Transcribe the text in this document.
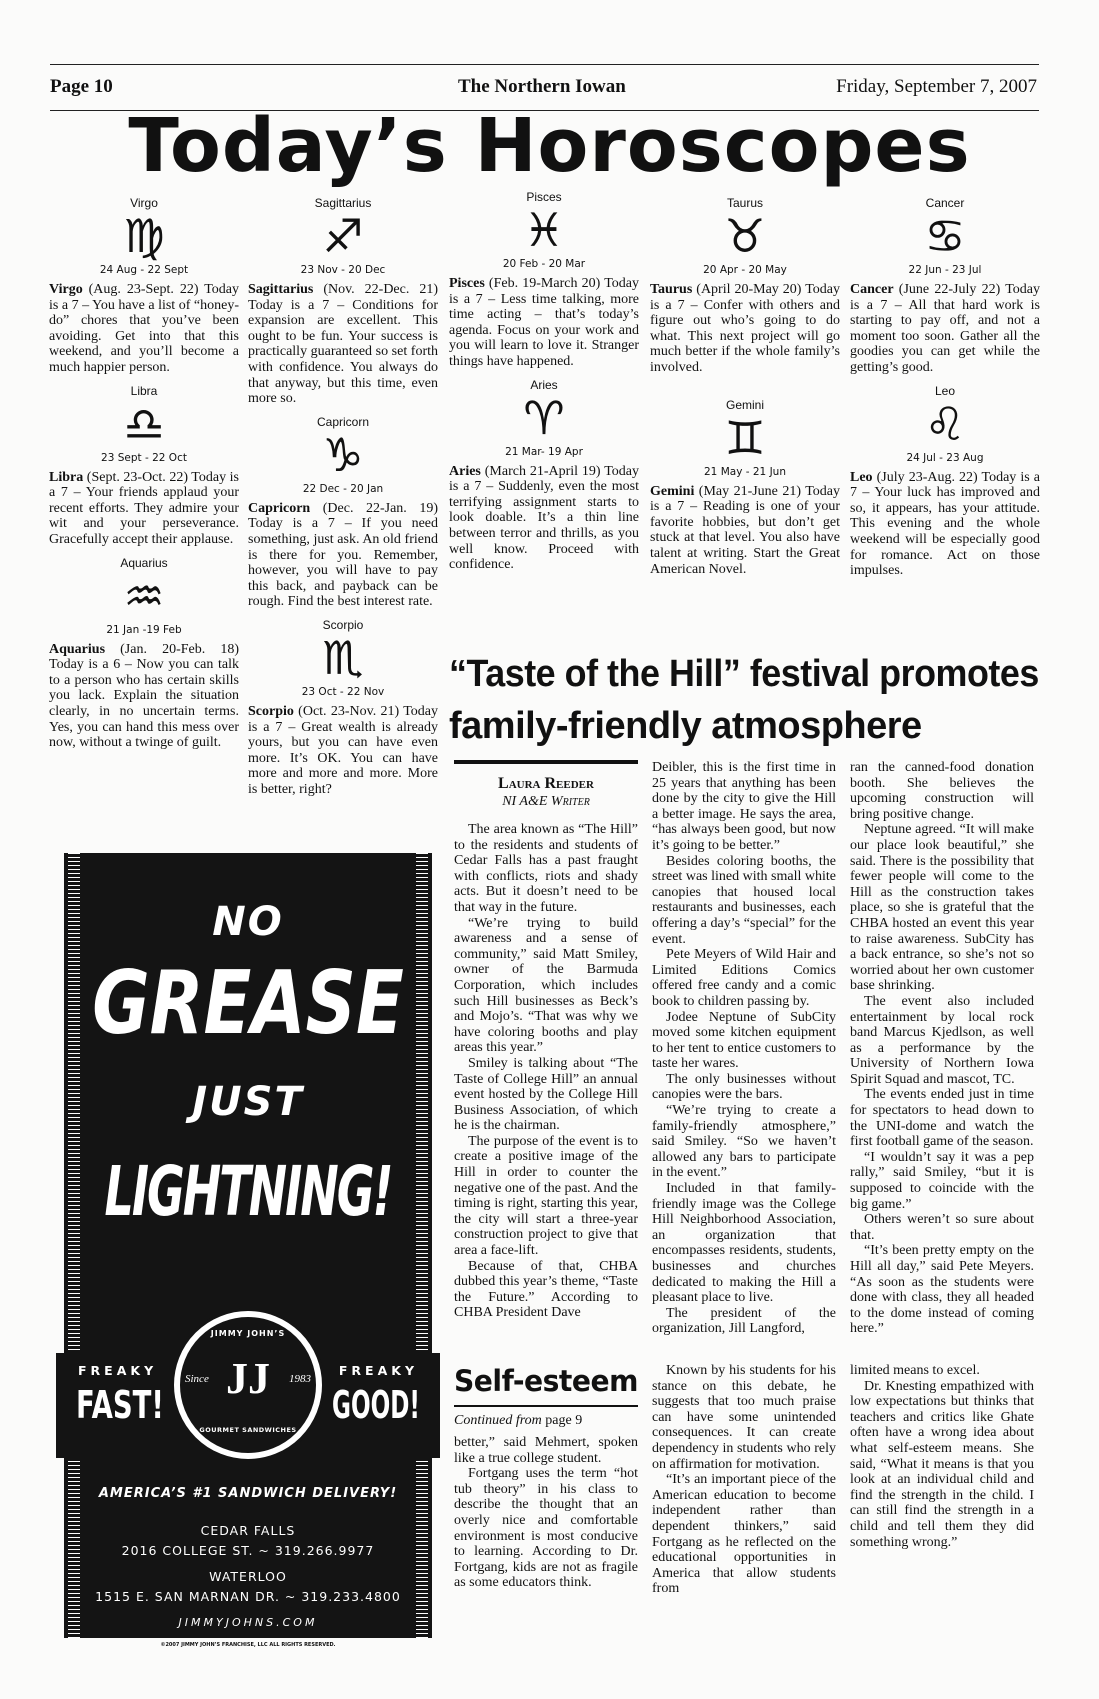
Page 10	The Northern Iowan	Friday, September 7, 2007
Today’s Horoscopes
Virgo
♍︎
24 Aug - 22 Sept
Virgo (Aug. 23-Sept. 22) Today is a 7 – You have a list of “honey-do” chores that you’ve been avoiding. Get into that this weekend, and you’ll become a much happier person.
Libra
♎︎
23 Sept - 22 Oct
Libra (Sept. 23-Oct. 22) Today is a 7 – Your friends applaud your recent efforts. They admire your wit and your perseverance. Gracefully accept their applause.
Aquarius
♒︎
21 Jan -19 Feb
Aquarius (Jan. 20-Feb. 18) Today is a 6 – Now you can talk to a person who has certain skills you lack. Explain the situation clearly, in no uncertain terms. Yes, you can hand this mess over now, without a twinge of guilt.
Sagittarius
♐︎
23 Nov - 20 Dec
Sagittarius (Nov. 22-Dec. 21) Today is a 7 – Conditions for expansion are excellent. This ought to be fun. Your success is practically guaranteed so set forth with confidence. You always do that anyway, but this time, even more so.
Capricorn
♑︎
22 Dec - 20 Jan
Capricorn (Dec. 22-Jan. 19) Today is a 7 – If you need something, just ask. An old friend is there for you. Remember, however, you will have to pay this back, and payback can be rough. Find the best interest rate.
Scorpio
♏︎
23 Oct - 22 Nov
Scorpio (Oct. 23-Nov. 21) Today is a 7 – Great wealth is already yours, but you can have even more. It’s OK. You can have more and more and more. More is better, right?
Pisces
♓︎
20 Feb - 20 Mar
Pisces (Feb. 19-March 20) Today is a 7 – Less time talking, more time acting – that’s today’s agenda. Focus on your work and you will learn to love it. Stranger things have happened.
Aries
♈︎
21 Mar- 19 Apr
Aries (March 21-April 19) Today is a 7 – Suddenly, even the most terrifying assignment starts to look doable. It’s a thin line between terror and thrills, as you well know. Proceed with confidence.
Taurus
♉︎
20 Apr - 20 May
Taurus (April 20-May 20) Today is a 7 – Confer with others and figure out who’s going to do what. This next project will go much better if the whole family’s involved.
Gemini
♊︎
21 May - 21 Jun
Gemini (May 21-June 21) Today is a 7 – Reading is one of your favorite hobbies, but don’t get stuck at that level. You also have talent at writing. Start the Great American Novel.
Cancer
♋︎
22 Jun - 23 Jul
Cancer (June 22-July 22) Today is a 7 – All that hard work is starting to pay off, and not a moment too soon. Gather all the goodies you can get while the getting’s good.
Leo
♌︎
24 Jul - 23 Aug
Leo (July 23-Aug. 22) Today is a 7 – Your luck has improved and so, it appears, has your attitude. This evening and the whole weekend will be especially good for romance. Act on those impulses.
“Taste of the Hill” festival promotes
family-friendly atmosphere
Laura Reeder
NI A&E Writer

The area known as “The Hill” to the residents and students of Cedar Falls has a past fraught with conflicts, riots and shady acts. But it doesn’t need to be that way in the future.

“We’re trying to build awareness and a sense of community,” said Matt Smiley, owner of the Barmuda Corporation, which includes such Hill businesses as Beck’s and Mojo’s. “That was why we have coloring booths and play areas this year.”

Smiley is talking about “The Taste of College Hill” an annual event hosted by the College Hill Business Association, of which he is the chairman.

The purpose of the event is to create a positive image of the Hill in order to counter the negative one of the past. And the timing is right, starting this year, the city will start a three-year construction project to give that area a face-lift.

Because of that, CHBA dubbed this year’s theme, “Taste the Future.” According to CHBA President Dave

Deibler, this is the first time in 25 years that anything has been done by the city to give the Hill a better image. He says the area, “has always been good, but now it’s going to be better.”

Besides coloring booths, the street was lined with small white canopies that housed local restaurants and businesses, each offering a day’s “special” for the event.

Pete Meyers of Wild Hair and Limited Editions Comics offered free candy and a comic book to children passing by.

Jodee Neptune of SubCity moved some kitchen equipment to her tent to entice customers to taste her wares.

The only businesses without canopies were the bars.

“We’re trying to create a family-friendly atmosphere,” said Smiley. “So we haven’t allowed any bars to participate in the event.”

Included in that family-friendly image was the College Hill Neighborhood Association, an organization that encompasses residents, students, businesses and churches dedicated to making the Hill a pleasant place to live.

The president of the organization, Jill Langford,

ran the canned-food donation booth. She believes the upcoming construction will bring positive change.

Neptune agreed. “It will make our place look beautiful,” she said. There is the possibility that fewer people will come to the Hill as the construction takes place, so she is grateful that the CHBA hosted an event this year to raise awareness. SubCity has a back entrance, so she’s not so worried about her own customer base shrinking.

The event also included entertainment by local rock band Marcus Kjedlson, as well as a performance by the University of Northern Iowa Spirit Squad and mascot, TC.

The events ended just in time for spectators to head down to the UNI-dome and watch the first football game of the season.

“I wouldn’t say it was a pep rally,” said Smiley, “but it is supposed to coincide with the big game.”

Others weren’t so sure about that.

“It’s been pretty empty on the Hill all day,” said Pete Meyers. “As soon as the students were done with class, they all headed to the dome instead of coming here.”

Self-esteem
Continued from page 9

better,” said Mehmert, spoken like a true college student.

Fortgang uses the term “hot tub theory” in his class to describe the thought that an overly nice and comfortable environment is most conducive to learning. According to Dr. Fortgang, kids are not as fragile as some educators think.

Known by his students for his stance on this debate, he suggests that too much praise can have some unintended consequences. It can create dependency in students who rely on affirmation for motivation.

“It’s an important piece of the American education to become independent rather than dependent thinkers,” said Fortgang as he reflected on the educational opportunities in America that allow students from

limited means to excel.

Dr. Knesting empathized with low expectations but thinks that teachers and critics like Ghate often have a wrong idea about what self-esteem means. She said, “What it means is that you look at an individual child and find the strength in the child. I can still find the strength in a child and tell them they did something wrong.”

NO
GREASE
JUST
LIGHTNING!
FREAKY
FAST!
FREAKY
GOOD!
JIMMY JOHN’S
JJ
Since	1983
GOURMET SANDWICHES
AMERICA’S #1 SANDWICH DELIVERY!
CEDAR FALLS
2016 COLLEGE ST. ~ 319.266.9977
WATERLOO
1515 E. SAN MARNAN DR. ~ 319.233.4800
JIMMYJOHNS.COM
©2007 JIMMY JOHN’S FRANCHISE, LLC ALL RIGHTS RESERVED.
